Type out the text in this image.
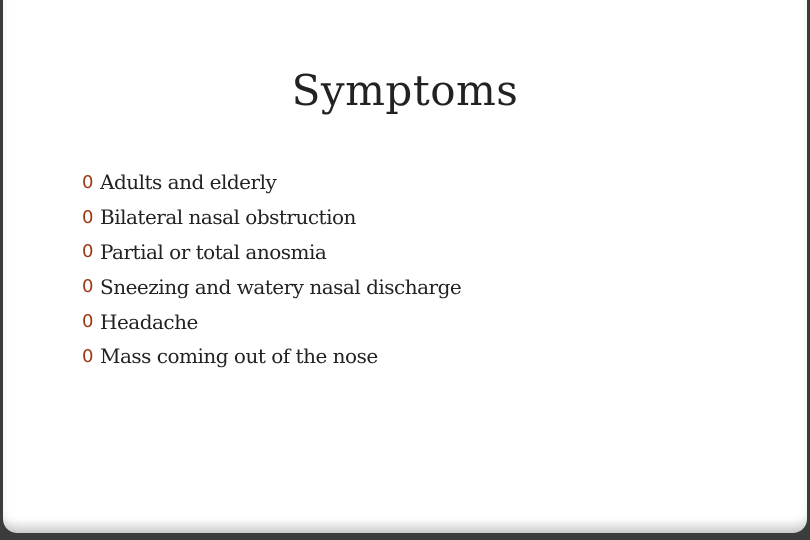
Symptoms
0 Adults and elderly
0 Bilateral nasal obstruction
0 Partial or total anosmia
0 Sneezing and watery nasal discharge
0 Headache
0 Mass coming out of the nose
